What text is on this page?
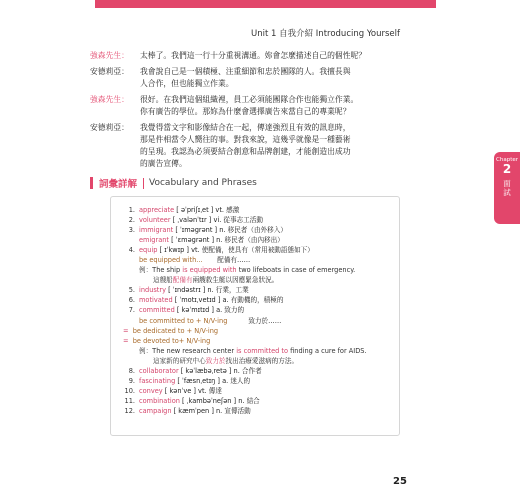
Unit 1 自我介紹 Introducing Yourself
強森先生：	太棒了。我們這一行十分重視溝通。妳會怎麼描述自己的個性呢？
安德莉亞：	我會說自己是一個積極、注重細節和忠於團隊的人。我擅長與
人合作，但也能獨立作業。
強森先生：	很好。在我們這個組織裡，員工必須能團隊合作也能獨立作業。
你有廣告的學位。那妳為什麼會選擇廣告來當自己的專業呢？
安德莉亞：	我覺得當文字和影像結合在一起，傳達強烈且有效的訊息時，
那是件相當令人嚮往的事。對我來說，這幾乎就像是一種藝術
的呈現。我認為必須要結合創意和品牌創建，才能創造出成功
的廣告宣傳。	Chapter
2
面試
詞彙詳解 Vocabulary and Phrases
1. appreciate [ əˈpriʃɪˌet ] vt. 感激
2. volunteer [ ˌvalənˈtɪr ] vi. 從事志工活動
3. immigrant [ ˈɪməgrənt ] n. 移民者（由外移入）
emigrant [ ˈɛməgrənt ] n. 移民者（由內移出）
4. equip [ ɪˈkwɪp ] vt. 使配備，使具有（常用被動語態如下）
be equipped with... 配備有……
例：The ship is equipped with two lifeboats in case of emergency.
這艘船配備有兩艘救生艇以因應緊急狀況。
5. industry [ ˈɪndəstrɪ ] n. 行業，工業
6. motivated [ ˈmotɪˌvetɪd ] a. 有動機的，積極的
7. committed [ kəˈmɪtɪd ] a. 致力的
be committed to + N/V-ing	致力於……
= be dedicated to + N/V-ing
= be devoted to+ N/V-ing
例：The new research center is committed to finding a cure for AIDS.
這家新的研究中心致力於找出治療愛滋病的方法。
8. collaborator [ kəˈlæbəˌretə ] n. 合作者
9. fascinating [ ˈfæsnˌetɪŋ ] a. 迷人的
10. convey [ kənˈve ] vt. 傳達
11. combination [ ˌkambəˈneʃən ] n. 結合
12. campaign [ kæmˈpen ] n. 宣傳活動
25
